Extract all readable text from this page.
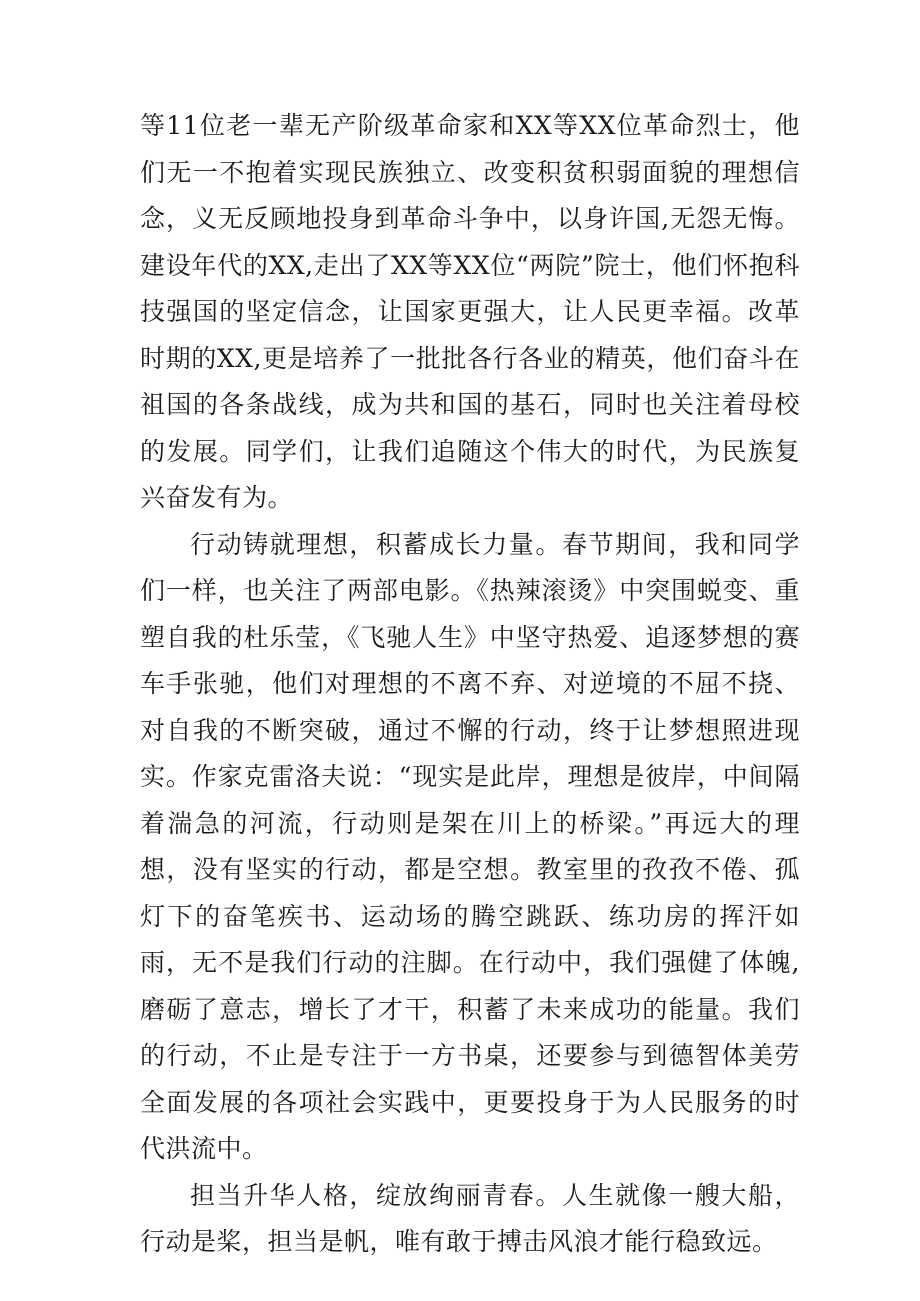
等11位老一辈无产阶级革命家和XX等XX位革命烈士，他们无一不抱着实现民族独立、改变积贫积弱面貌的理想信念，义无反顾地投身到革命斗争中，以身许国,无怨无悔。建设年代的XX,走出了XX等XX位“两院”院士，他们怀抱科技强国的坚定信念，让国家更强大，让人民更幸福。改革时期的XX,更是培养了一批批各行各业的精英，他们奋斗在祖国的各条战线，成为共和国的基石，同时也关注着母校的发展。同学们，让我们追随这个伟大的时代，为民族复兴奋发有为。

行动铸就理想，积蓄成长力量。春节期间，我和同学们一样，也关注了两部电影。《热辣滚烫》中突围蜕变、重塑自我的杜乐莹，《飞驰人生》中坚守热爱、追逐梦想的赛车手张驰，他们对理想的不离不弃、对逆境的不屈不挠、对自我的不断突破，通过不懈的行动，终于让梦想照进现实。作家克雷洛夫说：“现实是此岸，理想是彼岸，中间隔着湍急的河流，行动则是架在川上的桥梁。”再远大的理想，没有坚实的行动，都是空想。教室里的孜孜不倦、孤灯下的奋笔疾书、运动场的腾空跳跃、练功房的挥汗如雨，无不是我们行动的注脚。在行动中，我们强健了体魄,磨砺了意志，增长了才干，积蓄了未来成功的能量。我们的行动，不止是专注于一方书桌，还要参与到德智体美劳全面发展的各项社会实践中，更要投身于为人民服务的时代洪流中。

担当升华人格，绽放绚丽青春。人生就像一艘大船，行动是桨，担当是帆，唯有敢于搏击风浪才能行稳致远。
